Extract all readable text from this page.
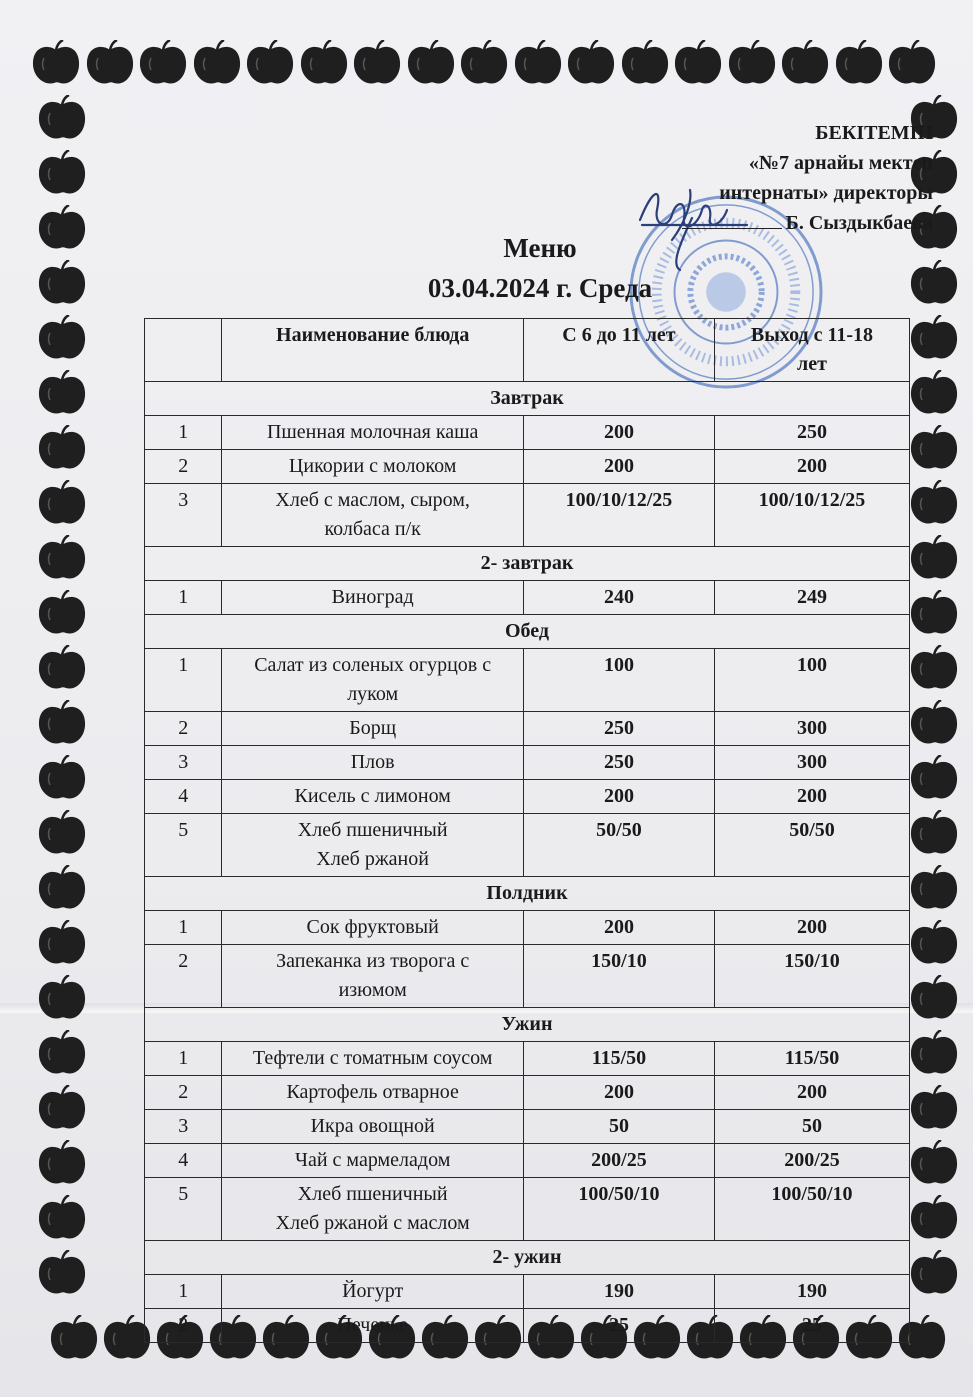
БЕКІТЕМІН
«№7 арнайы мектеп
интернаты» директоры
Б. Сыздыкбаева
Меню
03.04.2024 г. Среда
	Наименование блюда	С 6 до 11 лет	Выход с 11-18
лет

Завтрак			
1	Пшенная молочная каша	200	250
2	Цикории с молоком	200	200
3	Хлеб с маслом, сыром,
колбаса п/к	100/10/12/25	100/10/12/25
2- завтрак			
1	Виноград	240	249
Обед			
1	Салат из соленых огурцов с
луком	100	100
2	Борщ	250	300
3	Плов	250	300
4	Кисель с лимоном	200	200
5	Хлеб пшеничный
Хлеб ржаной	50/50	50/50
Полдник			
1	Сок фруктовый	200	200
2	Запеканка из творога с
изюмом	150/10	150/10
Ужин			
1	Тефтели с томатным соусом	115/50	115/50
2	Картофель отварное	200	200
3	Икра овощной	50	50
4	Чай с мармеладом	200/25	200/25
5	Хлеб пшеничный
Хлеб ржаной с маслом	100/50/10	100/50/10
2- ужин			
1	Йогурт	190	190
2	Печенье	25	25
